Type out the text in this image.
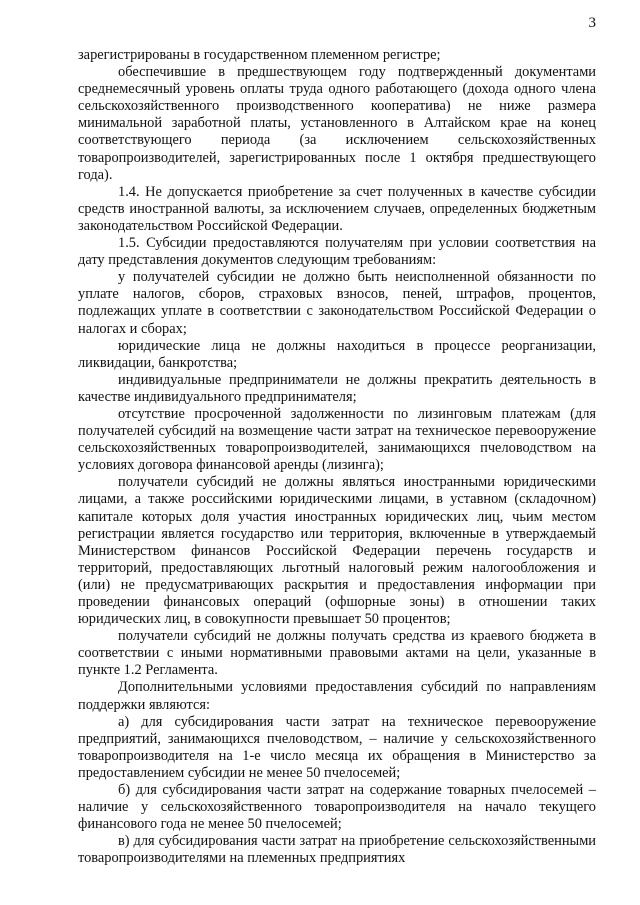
3

зарегистрированы в государственном племенном регистре;

обеспечившие в предшествующем году подтвержденный документами среднемесячный уровень оплаты труда одного работающего (дохода одного члена сельскохозяйственного производственного кооператива) не ниже размера минимальной заработной платы, установленного в Алтайском крае на конец соответствующего периода (за исключением сельскохозяйственных товаропроизводителей, зарегистрированных после 1 октября предшествующего года).

1.4. Не допускается приобретение за счет полученных в качестве субсидии средств иностранной валюты, за исключением случаев, определенных бюджетным законодательством Российской Федерации.

1.5. Субсидии предоставляются получателям при условии соответствия на дату представления документов следующим требованиям:

у получателей субсидии не должно быть неисполненной обязанности по уплате налогов, сборов, страховых взносов, пеней, штрафов, процентов, подлежащих уплате в соответствии с законодательством Российской Федерации о налогах и сборах;

юридические лица не должны находиться в процессе реорганизации, ликвидации, банкротства;

индивидуальные предприниматели не должны прекратить деятельность в качестве индивидуального предпринимателя;

отсутствие просроченной задолженности по лизинговым платежам (для получателей субсидий на возмещение части затрат на техническое перевооружение сельскохозяйственных товаропроизводителей, занимающихся пчеловодством на условиях договора финансовой аренды (лизинга);

получатели субсидий не должны являться иностранными юридическими лицами, а также российскими юридическими лицами, в уставном (складочном) капитале которых доля участия иностранных юридических лиц, чьим местом регистрации является государство или территория, включенные в утверждаемый Министерством финансов Российской Федерации перечень государств и территорий, предоставляющих льготный налоговый режим налогообложения и (или) не предусматривающих раскрытия и предоставления информации при проведении финансовых операций (офшорные зоны) в отношении таких юридических лиц, в совокупности превышает 50 процентов;

получатели субсидий не должны получать средства из краевого бюджета в соответствии с иными нормативными правовыми актами на цели, указанные в пункте 1.2 Регламента.

Дополнительными условиями предоставления субсидий по направлениям поддержки являются:

а) для субсидирования части затрат на техническое перевооружение предприятий, занимающихся пчеловодством, – наличие у сельскохозяйственного товаропроизводителя на 1-е число месяца их обращения в Министерство за предоставлением субсидии не менее 50 пчелосемей;

б) для субсидирования части затрат на содержание товарных пчелосемей – наличие у сельскохозяйственного товаропроизводителя на начало текущего финансового года не менее 50 пчелосемей;

в) для субсидирования части затрат на приобретение сельскохозяйственными товаропроизводителями на племенных предприятиях
